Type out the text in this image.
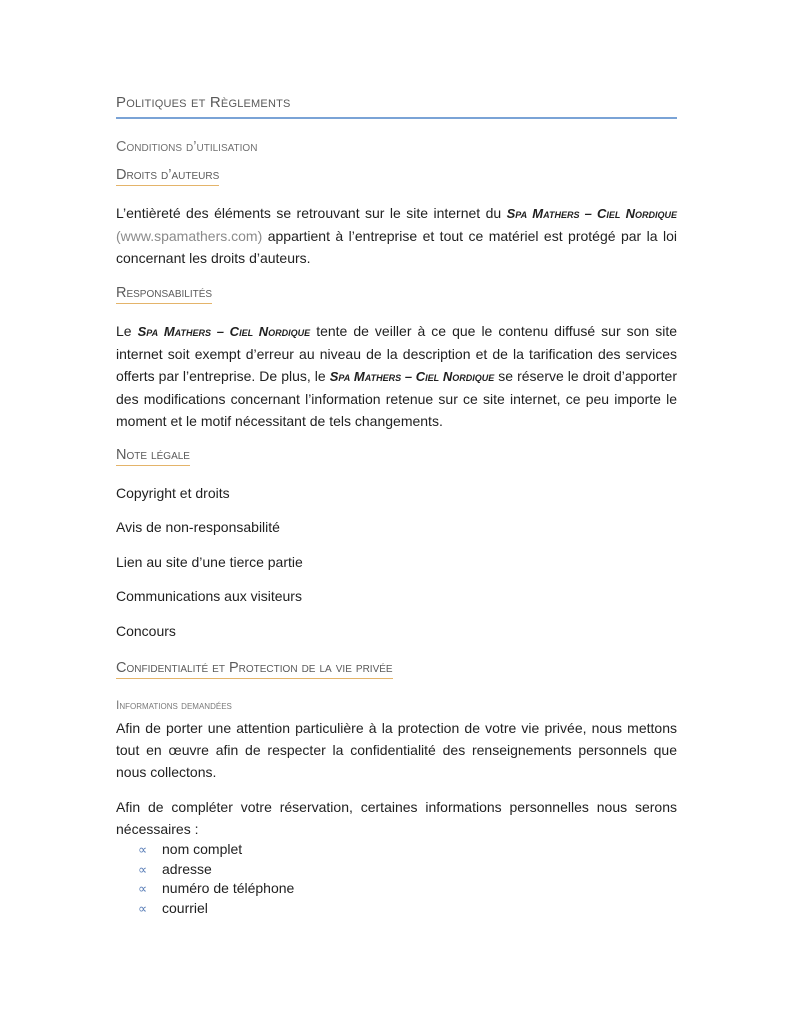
Politiques et Règlements
Conditions d’utilisation
Droits d’auteurs
L’entièreté des éléments se retrouvant sur le site internet du Spa Mathers – Ciel Nordique (www.spamathers.com) appartient à l’entreprise et tout ce matériel est protégé par la loi concernant les droits d’auteurs.
Responsabilités
Le Spa Mathers – Ciel Nordique tente de veiller à ce que le contenu diffusé sur son site internet soit exempt d’erreur au niveau de la description et de la tarification des services offerts par l’entreprise. De plus, le Spa Mathers – Ciel Nordique se réserve le droit d’apporter des modifications concernant l’information retenue sur ce site internet, ce peu importe le moment et le motif nécessitant de tels changements.
Note légale
Copyright et droits
Avis de non-responsabilité
Lien au site d’une tierce partie
Communications aux visiteurs
Concours
Confidentialité et Protection de la vie privée
Informations demandées
Afin de porter une attention particulière à la protection de votre vie privée, nous mettons tout en œuvre afin de respecter la confidentialité des renseignements personnels que nous collectons.
Afin de compléter votre réservation, certaines informations personnelles nous serons nécessaires :
∝	nom complet
∝	adresse
∝	numéro de téléphone
∝	courriel
